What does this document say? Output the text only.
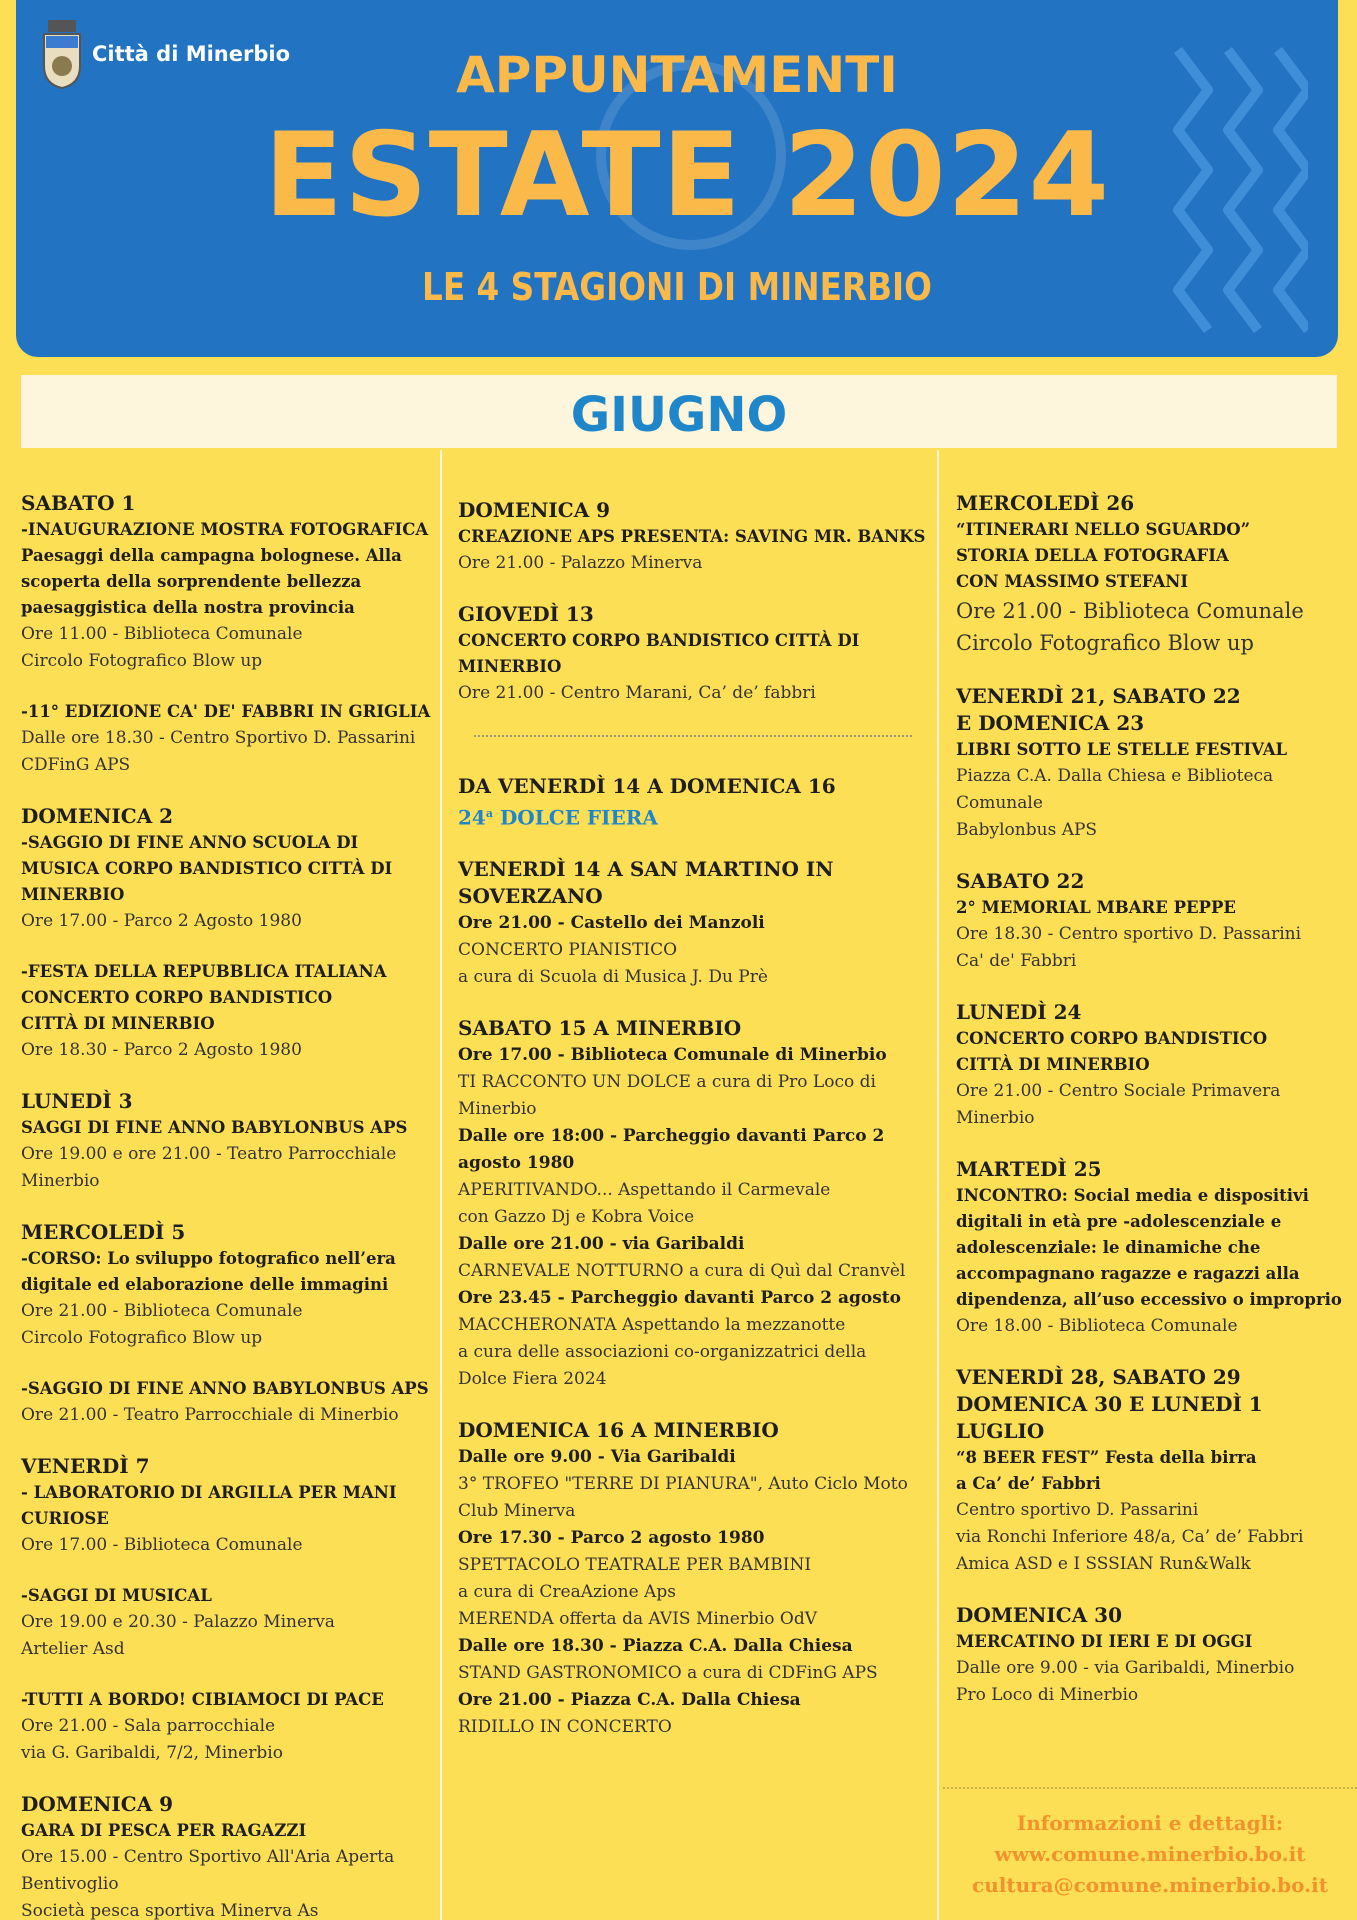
Città di Minerbio	APPUNTAMENTI
ESTATE 2024
LE 4 STAGIONI DI MINERBIO
GIUGNO
SABATO 1
-INAUGURAZIONE MOSTRA FOTOGRAFICA
Paesaggi della campagna bolognese. Alla
scoperta della sorprendente bellezza
paesaggistica della nostra provincia
Ore 11.00 - Biblioteca Comunale
Circolo Fotografico Blow up
-11° EDIZIONE CA' DE' FABBRI IN GRIGLIA
Dalle ore 18.30 - Centro Sportivo D. Passarini
CDFinG APS
DOMENICA 2
-SAGGIO DI FINE ANNO SCUOLA DI
MUSICA CORPO BANDISTICO CITTÀ DI
MINERBIO
Ore 17.00 - Parco 2 Agosto 1980
-FESTA DELLA REPUBBLICA ITALIANA
CONCERTO CORPO BANDISTICO
CITTÀ DI MINERBIO
Ore 18.30 - Parco 2 Agosto 1980
LUNEDÌ 3
SAGGI DI FINE ANNO BABYLONBUS APS
Ore 19.00 e ore 21.00 - Teatro Parrocchiale
Minerbio
MERCOLEDÌ 5
-CORSO: Lo sviluppo fotografico nell’era
digitale ed elaborazione delle immagini
Ore 21.00 - Biblioteca Comunale
Circolo Fotografico Blow up
-SAGGIO DI FINE ANNO BABYLONBUS APS
Ore 21.00 - Teatro Parrocchiale di Minerbio
VENERDÌ 7
- LABORATORIO DI ARGILLA PER MANI
CURIOSE
Ore 17.00 - Biblioteca Comunale
-SAGGI DI MUSICAL
Ore 19.00 e 20.30 - Palazzo Minerva
Artelier Asd
-TUTTI A BORDO! CIBIAMOCI DI PACE
Ore 21.00 - Sala parrocchiale
via G. Garibaldi, 7/2, Minerbio
DOMENICA 9
GARA DI PESCA PER RAGAZZI
Ore 15.00 - Centro Sportivo All'Aria Aperta
Bentivoglio
Società pesca sportiva Minerva As
DOMENICA 9
CREAZIONE APS PRESENTA: SAVING MR. BANKS
Ore 21.00 - Palazzo Minerva
GIOVEDÌ 13
CONCERTO CORPO BANDISTICO CITTÀ DI
MINERBIO
Ore 21.00 - Centro Marani, Ca’ de’ fabbri
DA VENERDÌ 14 A DOMENICA 16
24$^a$ DOLCE FIERA
VENERDÌ 14 A SAN MARTINO IN
SOVERZANO
Ore 21.00 - Castello dei Manzoli
CONCERTO PIANISTICO
a cura di Scuola di Musica J. Du Prè
SABATO 15 A MINERBIO
Ore 17.00 - Biblioteca Comunale di Minerbio
TI RACCONTO UN DOLCE a cura di Pro Loco di
Minerbio
Dalle ore 18:00 - Parcheggio davanti Parco 2
agosto 1980
APERITIVANDO... Aspettando il Carmevale
con Gazzo Dj e Kobra Voice
Dalle ore 21.00 - via Garibaldi
CARNEVALE NOTTURNO a cura di Quì dal Cranvèl
Ore 23.45 - Parcheggio davanti Parco 2 agosto
MACCHERONATA Aspettando la mezzanotte
a cura delle associazioni co-organizzatrici della
Dolce Fiera 2024
DOMENICA 16 A MINERBIO
Dalle ore 9.00 - Via Garibaldi
3° TROFEO "TERRE DI PIANURA", Auto Ciclo Moto
Club Minerva
Ore 17.30 - Parco 2 agosto 1980
SPETTACOLO TEATRALE PER BAMBINI
a cura di CreaAzione Aps
MERENDA offerta da AVIS Minerbio OdV
Dalle ore 18.30 - Piazza C.A. Dalla Chiesa
STAND GASTRONOMICO a cura di CDFinG APS
Ore 21.00 - Piazza C.A. Dalla Chiesa
RIDILLO IN CONCERTO
MERCOLEDÌ 26
“ITINERARI NELLO SGUARDO”
STORIA DELLA FOTOGRAFIA
CON MASSIMO STEFANI
Ore 21.00 - Biblioteca Comunale
Circolo Fotografico Blow up
VENERDÌ 21, SABATO 22
E DOMENICA 23
LIBRI SOTTO LE STELLE FESTIVAL
Piazza C.A. Dalla Chiesa e Biblioteca Comunale
Babylonbus APS
SABATO 22
2° MEMORIAL MBARE PEPPE
Ore 18.30 - Centro sportivo D. Passarini
Ca' de' Fabbri
LUNEDÌ 24
CONCERTO CORPO BANDISTICO
CITTÀ DI MINERBIO
Ore 21.00 - Centro Sociale Primavera
Minerbio
MARTEDÌ 25
INCONTRO: Social media e dispositivi
digitali in età pre -adolescenziale e
adolescenziale: le dinamiche che
accompagnano ragazze e ragazzi alla
dipendenza, all’uso eccessivo o improprio
Ore 18.00 - Biblioteca Comunale
VENERDÌ 28, SABATO 29
DOMENICA 30 E LUNEDÌ 1 LUGLIO
“8 BEER FEST” Festa della birra
a Ca’ de’ Fabbri
Centro sportivo D. Passarini
via Ronchi Inferiore 48/a, Ca’ de’ Fabbri
Amica ASD e I SSSIAN Run&Walk
DOMENICA 30
MERCATINO DI IERI E DI OGGI
Dalle ore 9.00 - via Garibaldi, Minerbio
Pro Loco di Minerbio
Informazioni e dettagli:
www.comune.minerbio.bo.it
cultura@comune.minerbio.bo.it
